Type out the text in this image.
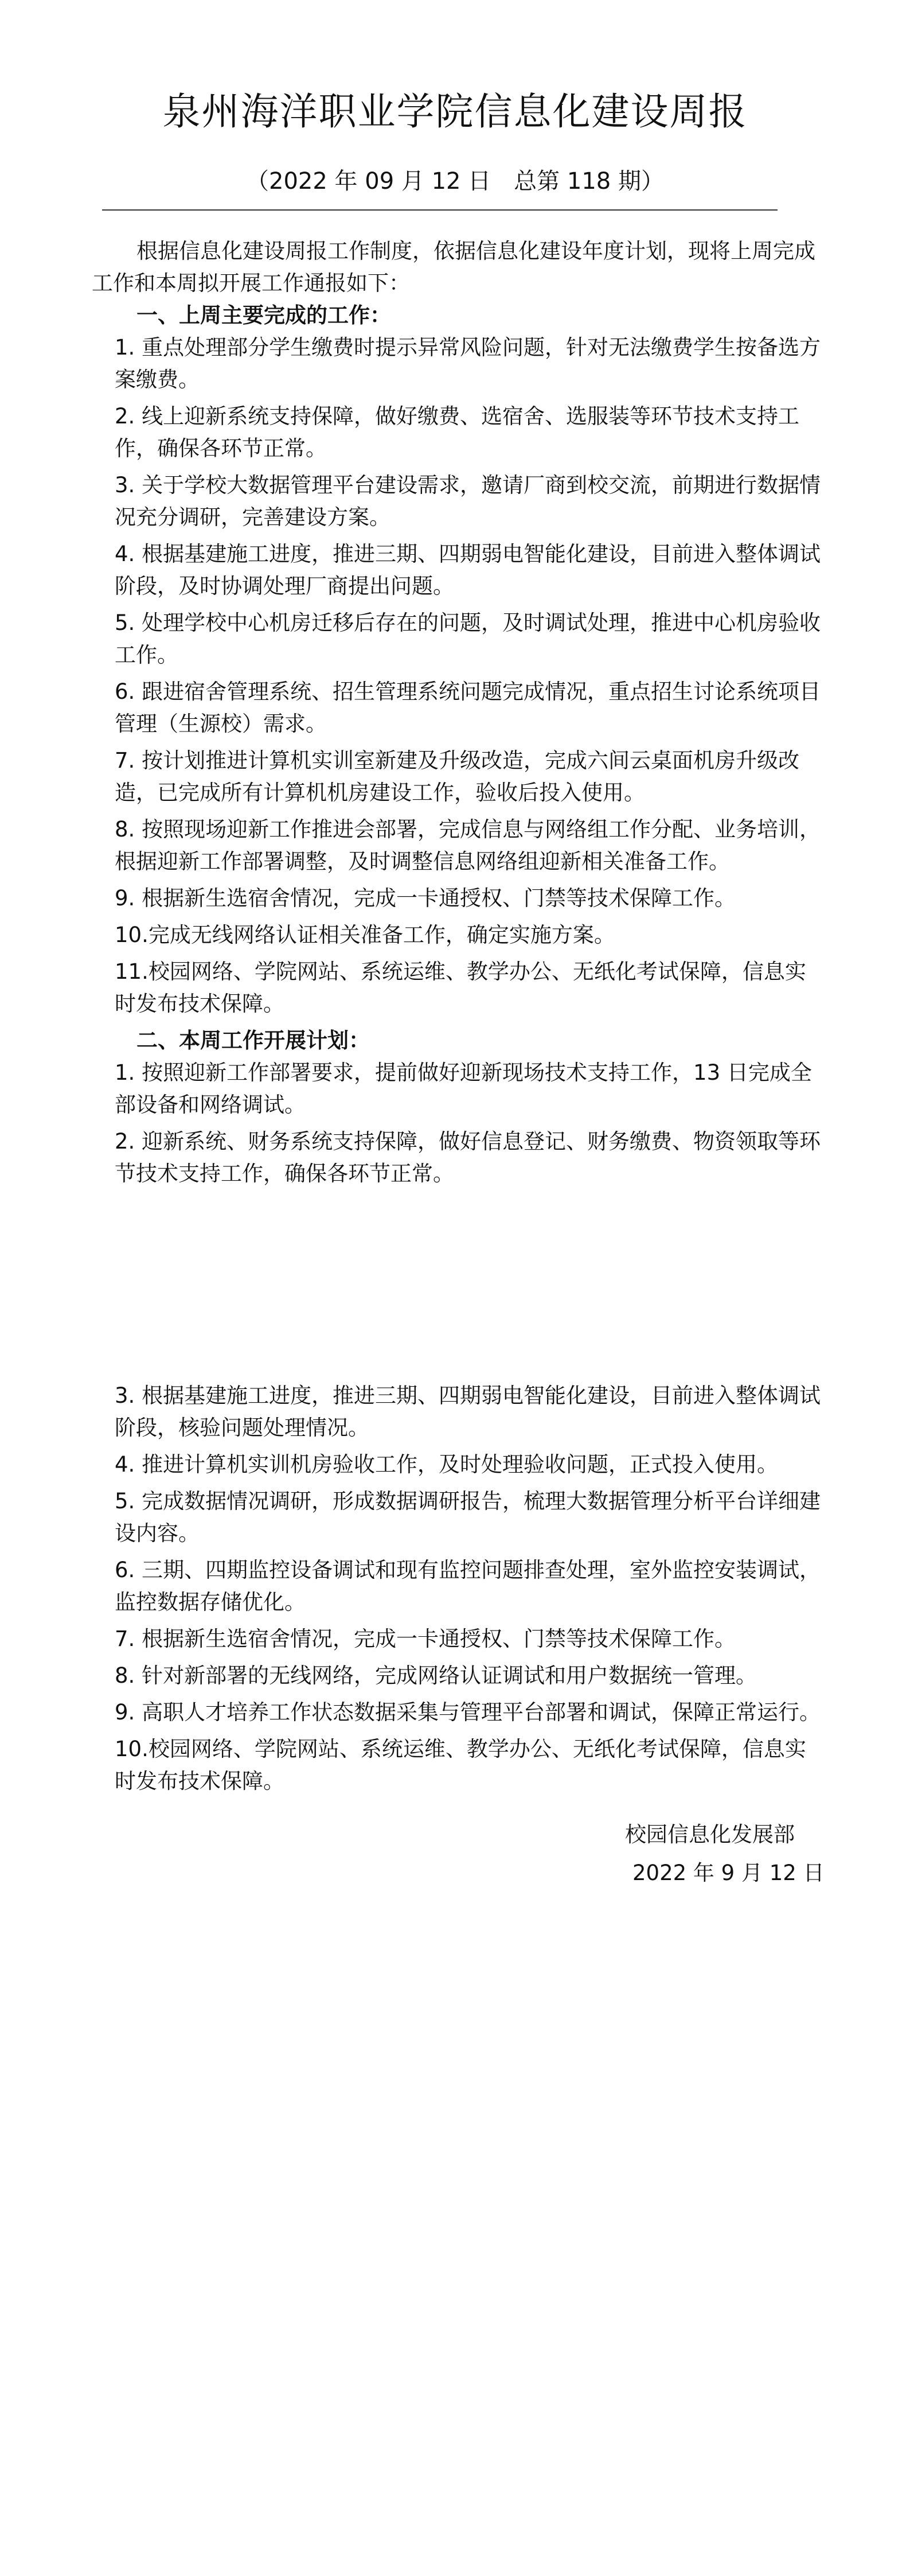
泉州海洋职业学院信息化建设周报
（2022 年 09 月 12 日　总第 118 期）

根据信息化建设周报工作制度，依据信息化建设年度计划，现将上周完成工作和本周拟开展工作通报如下：

一、上周主要完成的工作：

1. 重点处理部分学生缴费时提示异常风险问题，针对无法缴费学生按备选方案缴费。

2. 线上迎新系统支持保障，做好缴费、选宿舍、选服装等环节技术支持工作，确保各环节正常。

3. 关于学校大数据管理平台建设需求，邀请厂商到校交流，前期进行数据情况充分调研，完善建设方案。

4. 根据基建施工进度，推进三期、四期弱电智能化建设，目前进入整体调试阶段，及时协调处理厂商提出问题。

5. 处理学校中心机房迁移后存在的问题，及时调试处理，推进中心机房验收工作。

6. 跟进宿舍管理系统、招生管理系统问题完成情况，重点招生讨论系统项目管理（生源校）需求。

7. 按计划推进计算机实训室新建及升级改造，完成六间云桌面机房升级改造，已完成所有计算机机房建设工作，验收后投入使用。

8. 按照现场迎新工作推进会部署，完成信息与网络组工作分配、业务培训，根据迎新工作部署调整，及时调整信息网络组迎新相关准备工作。

9. 根据新生选宿舍情况，完成一卡通授权、门禁等技术保障工作。

10.完成无线网络认证相关准备工作，确定实施方案。

11.校园网络、学院网站、系统运维、教学办公、无纸化考试保障，信息实时发布技术保障。

二、本周工作开展计划：

1. 按照迎新工作部署要求，提前做好迎新现场技术支持工作，13 日完成全部设备和网络调试。

2. 迎新系统、财务系统支持保障，做好信息登记、财务缴费、物资领取等环节技术支持工作，确保各环节正常。

3. 根据基建施工进度，推进三期、四期弱电智能化建设，目前进入整体调试阶段，核验问题处理情况。

4. 推进计算机实训机房验收工作，及时处理验收问题，正式投入使用。

5. 完成数据情况调研，形成数据调研报告，梳理大数据管理分析平台详细建设内容。

6. 三期、四期监控设备调试和现有监控问题排查处理，室外监控安装调试，监控数据存储优化。

7. 根据新生选宿舍情况，完成一卡通授权、门禁等技术保障工作。

8. 针对新部署的无线网络，完成网络认证调试和用户数据统一管理。

9. 高职人才培养工作状态数据采集与管理平台部署和调试，保障正常运行。

10.校园网络、学院网站、系统运维、教学办公、无纸化考试保障，信息实时发布技术保障。

校园信息化发展部
2022 年 9 月 12 日
